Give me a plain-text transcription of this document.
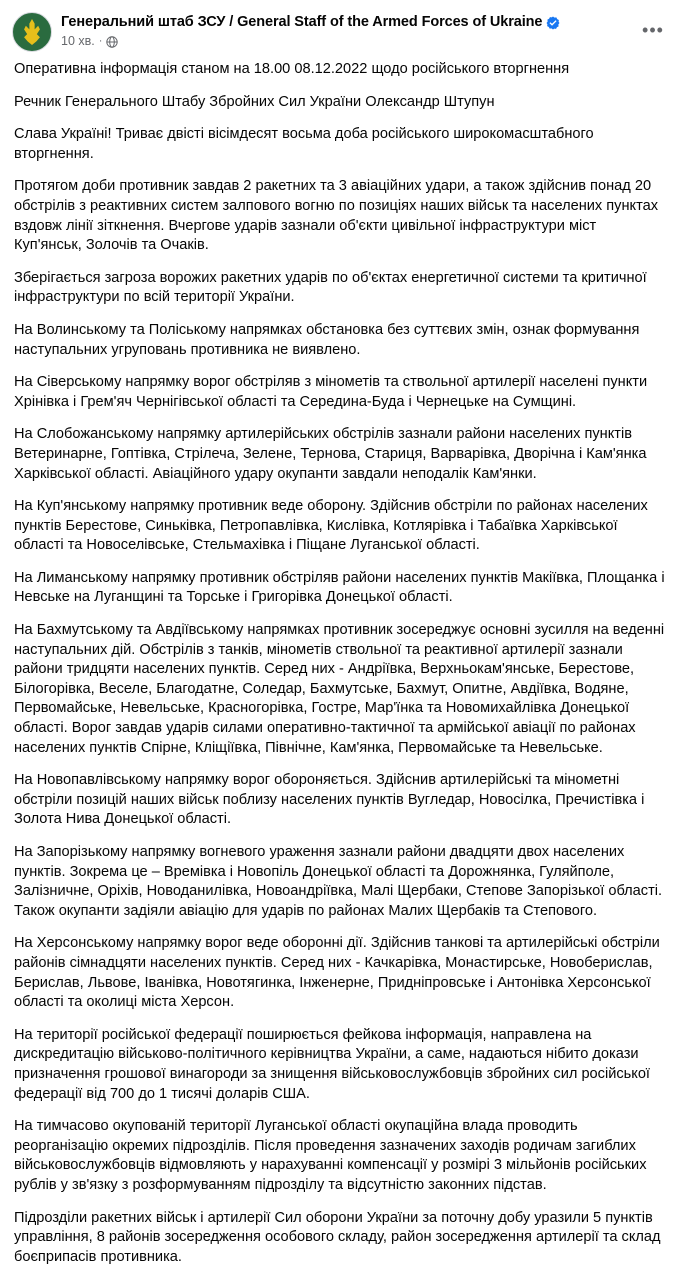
Генеральний штаб ЗСУ / General Staff of the Armed Forces of Ukraine
10 хв. ·
•••

Оперативна інформація станом на 18.00 08.12.2022 щодо російського вторгнення

Речник Генерального Штабу Збройних Сил України Олександр Штупун

Слава Україні! Триває двісті вісімдесят восьма доба російського широкомасштабного вторгнення.

Протягом доби противник завдав 2 ракетних та 3 авіаційних удари, а також здійснив понад 20 обстрілів з реактивних систем залпового вогню по позиціях наших військ та населених пунктах вздовж лінії зіткнення. Вчергове ударів зазнали об'єкти цивільної інфраструктури міст Куп'янськ, Золочів та Очаків.

Зберігається загроза ворожих ракетних ударів по об'єктах енергетичної системи та критичної інфраструктури по всій території України.

На Волинському та Поліському напрямках обстановка без суттєвих змін, ознак формування наступальних угруповань противника не виявлено.

На Сіверському напрямку ворог обстріляв з мінометів та ствольної артилерії населені пункти Хрінівка і Грем'яч Чернігівської області та Середина-Буда і Чернецьке на Сумщині.

На Слобожанському напрямку артилерійських обстрілів зазнали райони населених пунктів Ветеринарне, Гоптівка, Стрілеча, Зелене, Тернова, Стариця, Варварівка, Дворічна і Кам'янка Харківської області. Авіаційного удару окупанти завдали неподалік Кам'янки.

На Куп'янському напрямку противник веде оборону. Здійснив обстріли по районах населених пунктів Берестове, Синьківка, Петропавлівка, Кислівка, Котлярівка і Табаївка Харківської області та Новоселівське, Стельмахівка і Піщане Луганської області.

На Лиманському напрямку противник обстріляв райони населених пунктів Макіївка, Площанка і Невське на Луганщині та Торське і Григорівка Донецької області.

На Бахмутському та Авдіївському напрямках противник зосереджує основні зусилля на веденні наступальних дій. Обстрілів з танків, мінометів ствольної та реактивної артилерії зазнали райони тридцяти населених пунктів. Серед них - Андріївка, Верхньокам'янське, Берестове, Білогорівка, Веселе, Благодатне, Соледар, Бахмутське, Бахмут, Опитне, Авдіївка, Водяне, Первомайське, Невельське, Красногорівка, Гостре, Мар'їнка та Новомихайлівка Донецької області. Ворог завдав ударів силами оперативно-тактичної та армійської авіації по районах населених пунктів Спірне, Кліщіївка, Північне, Кам'янка, Первомайське та Невельське.

На Новопавлівському напрямку ворог обороняється. Здійснив артилерійські та мінометні обстріли позицій наших військ поблизу населених пунктів Вугледар, Новосілка, Пречистівка і Золота Нива Донецької області.

На Запорізькому напрямку вогневого ураження зазнали райони двадцяти двох населених пунктів. Зокрема це – Времівка і Новопіль Донецької області та Дорожнянка, Гуляйполе, Залізничне, Оріхів, Новоданилівка, Новоандріївка, Малі Щербаки, Степове Запорізької області. Також окупанти задіяли авіацію для ударів по районах Малих Щербаків та Степового.

На Херсонському напрямку ворог веде оборонні дії. Здійснив танкові та артилерійські обстріли районів сімнадцяти населених пунктів. Серед них - Качкарівка, Монастирське, Новоберислав, Берислав, Львове, Іванівка, Новотягинка, Інженерне, Придніпровське і Антонівка Херсонської області та околиці міста Херсон.

На території російської федерації поширюється фейкова інформація, направлена на дискредитацію військово-політичного керівництва України, а саме, надаються нібито докази призначення грошової винагороди за знищення військовослужбовців збройних сил російської федерації від 700 до 1 тисячі доларів США.

На тимчасово окупованій території Луганської області окупаційна влада проводить реорганізацію окремих підрозділів. Після проведення зазначених заходів родичам загиблих військовослужбовців відмовляють у нарахуванні компенсації у розмірі 3 мільйонів російських рублів у зв'язку з розформуванням підрозділу та відсутністю законних підстав.

Підрозділи ракетних військ і артилерії Сил оборони України за поточну добу уразили 5 пунктів управління, 8 районів зосередження особового складу, район зосередження артилерії та склад боєприпасів противника.
